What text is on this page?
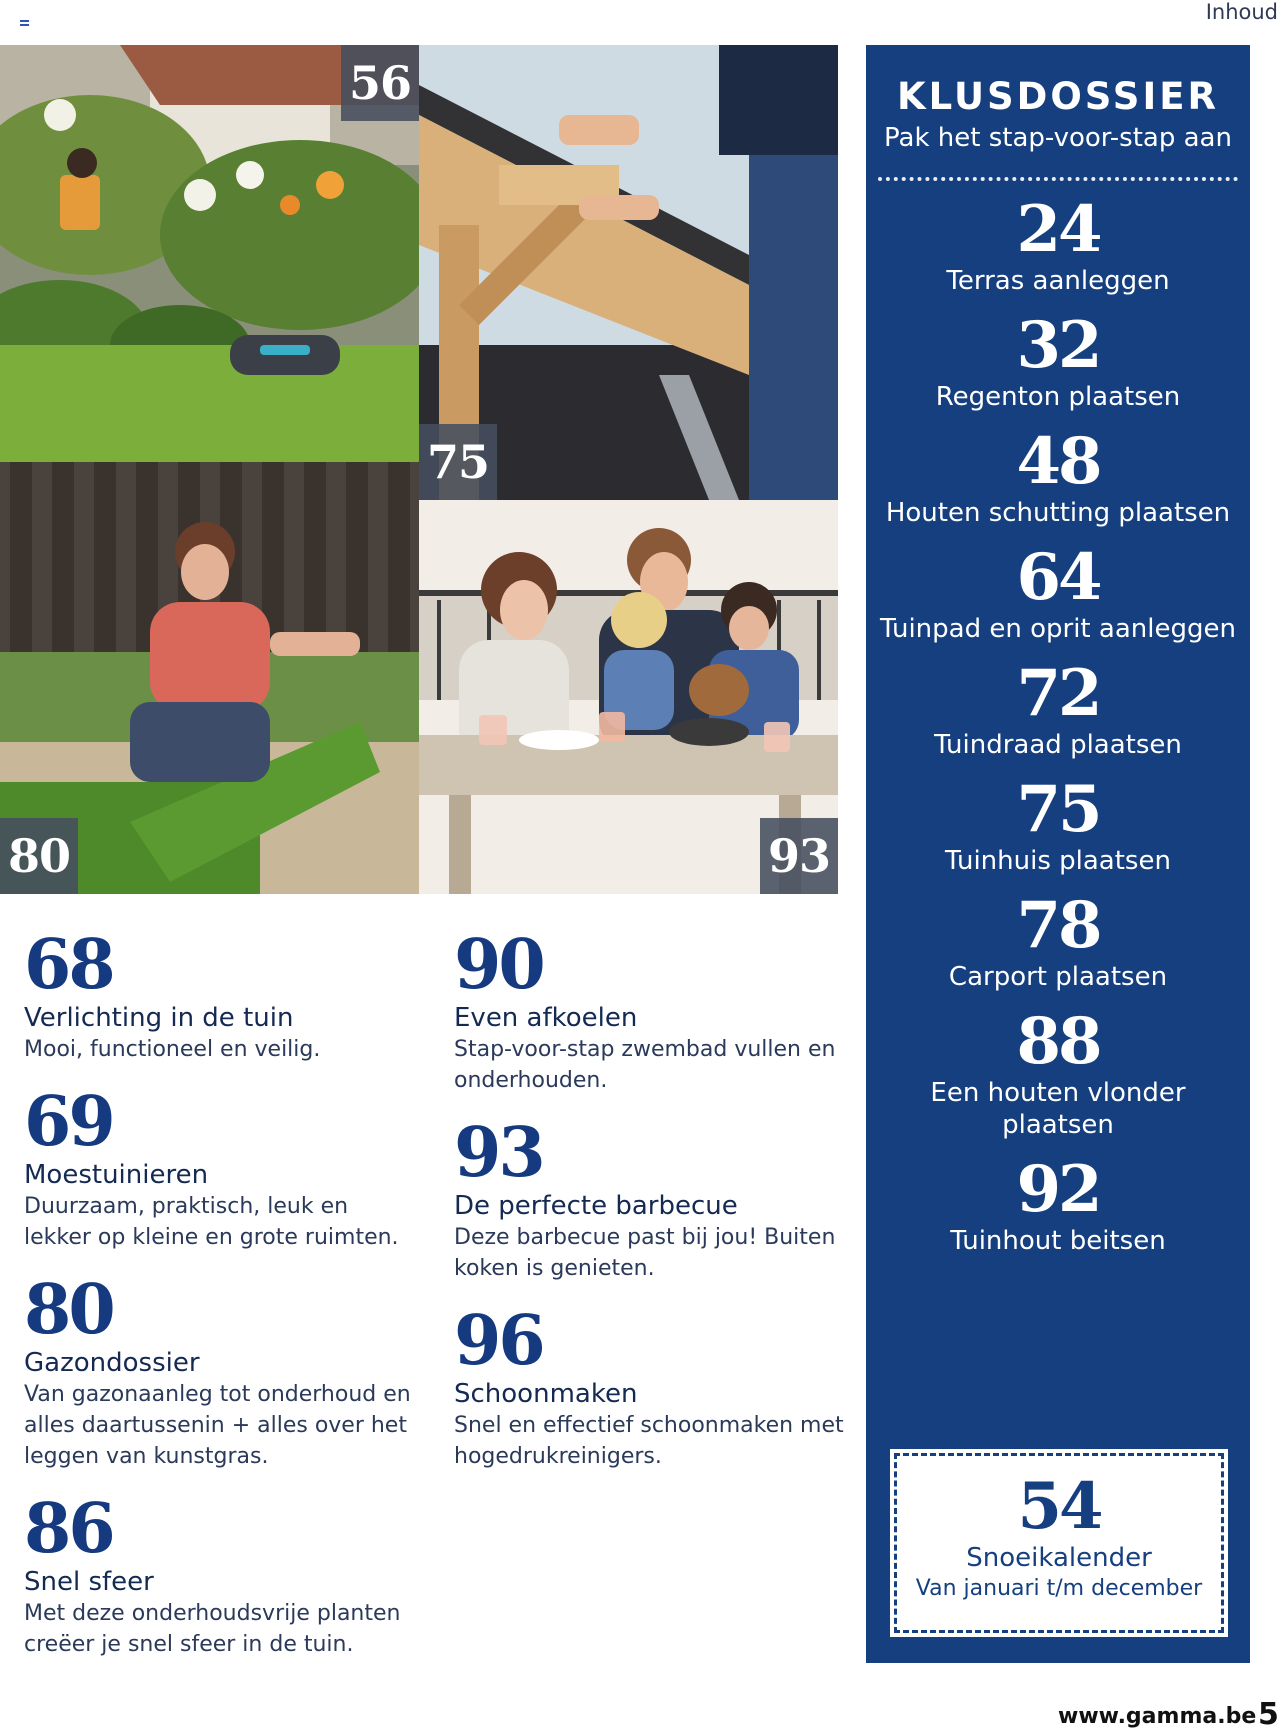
Inhoud
56
75
80	93
68
Verlichting in de tuin
Mooi, functioneel en veilig.
69
Moestuinieren
Duurzaam, praktisch, leuk en lekker op kleine en grote ruimten.
80
Gazondossier
Van gazonaanleg tot onderhoud en alles daartussenin + alles over het leggen van kunstgras.
86
Snel sfeer
Met deze onderhoudsvrije planten creëer je snel sfeer in de tuin.
90
Even afkoelen
Stap-voor-stap zwembad vullen en onderhouden.
93
De perfecte barbecue
Deze barbecue past bij jou! Buiten koken is genieten.
96
Schoonmaken
Snel en effectief schoonmaken met hogedrukreinigers.
KLUSDOSSIER
Pak het stap-voor-stap aan
24
Terras aanleggen
32
Regenton plaatsen
48
Houten schutting plaatsen
64
Tuinpad en oprit aanleggen
72
Tuindraad plaatsen
75
Tuinhuis plaatsen
78
Carport plaatsen
88
Een houten vlonder plaatsen
92
Tuinhout beitsen
54
Snoeikalender
Van januari t/m december
www.gamma.be 5
